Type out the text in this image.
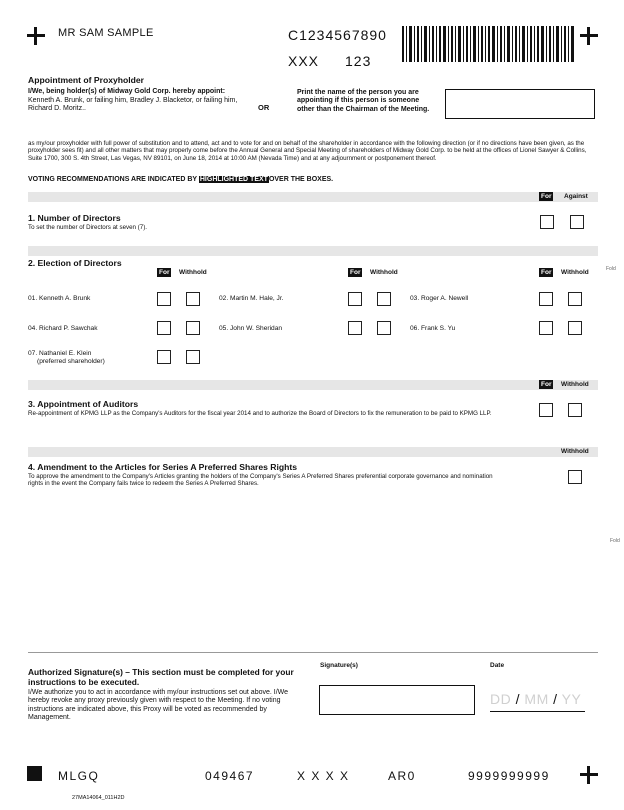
MR SAM SAMPLE	C1234567890
XXX 123
Appointment of Proxyholder
I/We, being holder(s) of Midway Gold Corp. hereby appoint:
Kenneth A. Brunk, or failing him, Bradley J. Blacketor, or failing him, Richard D. Moritz..	OR
Print the name of the person you are appointing if this person is someone other than the Chairman of the Meeting.
as my/our proxyholder with full power of substitution and to attend, act and to vote for and on behalf of the shareholder in accordance with the following direction (or if no directions have been given, as the proxyholder sees fit) and all other matters that may properly come before the Annual General and Special Meeting of shareholders of Midway Gold Corp. to be held at the offices of Lionel Sawyer & Collins, Suite 1700, 300 S. 4th Street, Las Vegas, NV 89101, on June 18, 2014 at 10:00 AM (Nevada Time) and at any adjournment or postponement thereof.
VOTING RECOMMENDATIONS ARE INDICATED BY HIGHLIGHTED TEXTOVER THE BOXES.
For	Against
1. Number of Directors
To set the number of Directors at seven (7).
2. Election of Directors
For	Withhold	For	Withhold	For	Withhold
01. Kenneth A. Brunk	02. Martin M. Hale, Jr.	03. Roger A. Newell
04. Richard P. Sawchak	05. John W. Sheridan	06. Frank S. Yu
07. Nathaniel E. Klein
(preferred shareholder)
Fold
For	Withhold
3. Appointment of Auditors
Re-appointment of KPMG LLP as the Company's Auditors for the fiscal year 2014 and to authorize the Board of Directors to fix the remuneration to be paid to KPMG LLP.
Withhold
4. Amendment to the Articles for Series A Preferred Shares Rights
To approve the amendment to the Company's Articles granting the holders of the Company's Series A Preferred Shares preferential corporate governance and nomination rights in the event the Company fails twice to redeem the Series A Preferred Shares.
Fold
Authorized Signature(s) – This section must be completed for your instructions to be executed.
I/We authorize you to act in accordance with my/our instructions set out above. I/We hereby revoke any proxy previously given with respect to the Meeting. If no voting instructions are indicated above, this Proxy will be voted as recommended by Management.
Signature(s)	Date
DD / MM / YY
MLGQ	049467	X X X X	AR0	9999999999
27MA14064_011H2D
